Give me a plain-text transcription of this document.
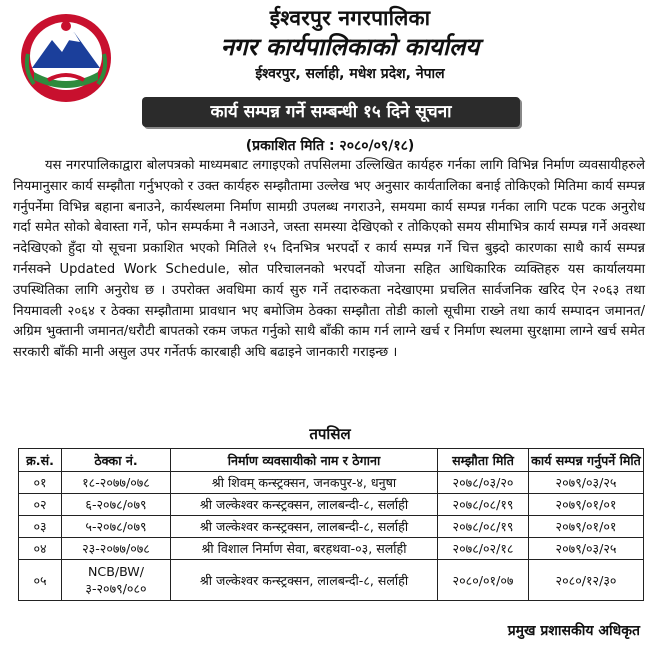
ईश्वरपुर नगरपालिका
नगर कार्यपालिकाको कार्यालय
ईश्वरपुर, सर्लाही, मधेश प्रदेश, नेपाल
कार्य सम्पन्न गर्ने सम्बन्धी १५ दिने सूचना
(प्रकाशित मिति : २०८०/०९/१८)
यस नगरपालिकाद्वारा बोलपत्रको माध्यमबाट लगाइएको तपसिलमा उल्लिखित कार्यहरु गर्नका लागि विभिन्न निर्माण व्यवसायीहरुले नियमानुसार कार्य सम्झौता गर्नुभएको र उक्त कार्यहरु सम्झौतामा उल्लेख भए अनुसार कार्यतालिका बनाई तोकिएको मितिमा कार्य सम्पन्न गर्नुपर्नेमा विभिन्न बहाना बनाउने, कार्यस्थलमा निर्माण सामग्री उपलब्ध नगराउने, समयमा कार्य सम्पन्न गर्नका लागि पटक पटक अनुरोध गर्दा समेत सोको बेवास्ता गर्ने, फोन सम्पर्कमा नै नआउने, जस्ता समस्या देखिएको र तोकिएको समय सीमाभित्र कार्य सम्पन्न गर्ने अवस्था नदेखिएको हुँदा यो सूचना प्रकाशित भएको मितिले १५ दिनभित्र भरपर्दो र कार्य सम्पन्न गर्ने चित्त बुझ्दो कारणका साथै कार्य सम्पन्न गर्नसक्ने Updated Work Schedule, स्रोत परिचालनको भरपर्दो योजना सहित आधिकारिक व्यक्तिहरु यस कार्यालयमा उपस्थितिका लागि अनुरोध छ । उपरोक्त अवधिमा कार्य सुरु गर्ने तदारुकता नदेखाएमा प्रचलित सार्वजनिक खरिद ऐन २०६३ तथा नियमावली २०६४ र ठेक्का सम्झौतामा प्रावधान भए बमोजिम ठेक्का सम्झौता तोडी कालो सूचीमा राख्ने तथा कार्य सम्पादन जमानत/अग्रिम भुक्तानी जमानत/धरौटी बापतको रकम जफत गर्नुको साथै बाँकी काम गर्न लाग्ने खर्च र निर्माण स्थलमा सुरक्षामा लाग्ने खर्च समेत सरकारी बाँकी मानी असुल उपर गर्नेतर्फ कारबाही अघि बढाइने जानकारी गराइन्छ ।
तपसिल
क्र.सं.	ठेक्का नं.	निर्माण व्यवसायीको नाम र ठेगाना	सम्झौता मिति	कार्य सम्पन्न गर्नुपर्ने मिति
०१	१८-२०७७/०७८	श्री शिवम् कन्स्ट्रक्सन, जनकपुर-४, धनुषा	२०७८/०३/२०	२०७९/०३/२५
०२	६-२०७८/०७९	श्री जल्केश्वर कन्स्ट्रक्सन, लालबन्दी-८, सर्लाही	२०७८/०८/१९	२०७९/०१/०१
०३	५-२०७८/०७९	श्री जल्केश्वर कन्स्ट्रक्सन, लालबन्दी-८, सर्लाही	२०७८/०८/१९	२०७९/०१/०१
०४	२३-२०७७/०७८	श्री विशाल निर्माण सेवा, बरहथवा-०३, सर्लाही	२०७८/०२/१८	२०७९/०३/२५
०५	NCB/BW/३-२०७९/०८०	श्री जल्केश्वर कन्स्ट्रक्सन, लालबन्दी-८, सर्लाही	२०८०/०१/०७	२०८०/१२/३०
प्रमुख प्रशासकीय अधिकृत
